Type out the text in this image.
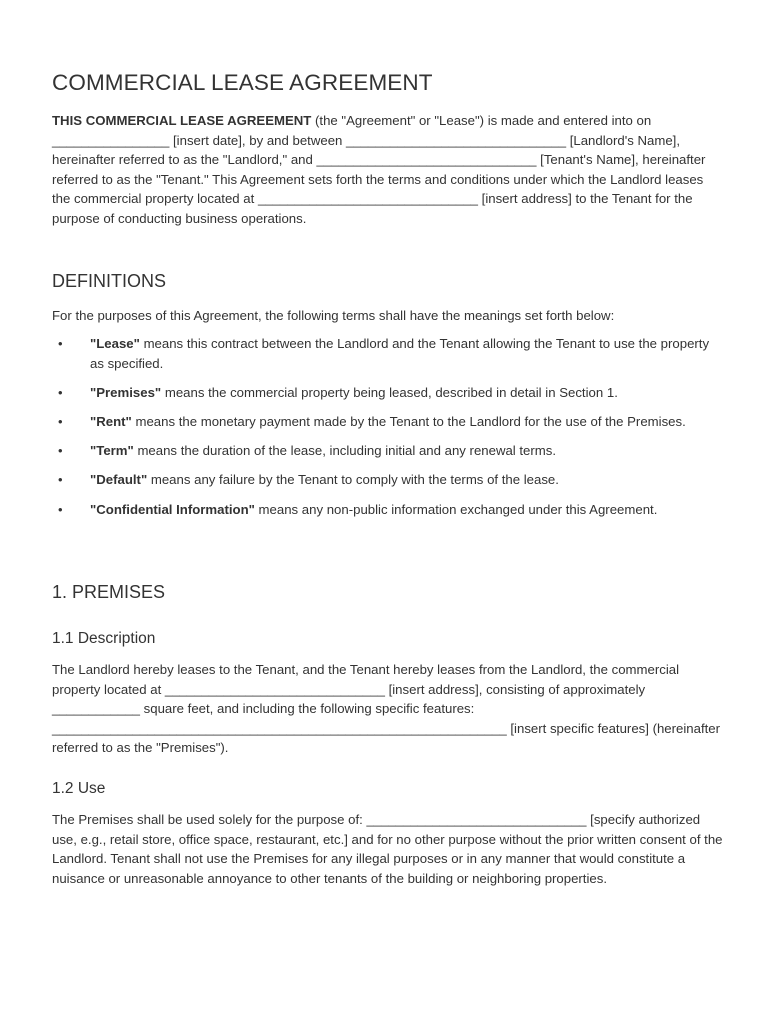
COMMERCIAL LEASE AGREEMENT

THIS COMMERCIAL LEASE AGREEMENT (the "Agreement" or "Lease") is made and entered into on ________________ [insert date], by and between ______________________________ [Landlord's Name], hereinafter referred to as the "Landlord," and ______________________________ [Tenant's Name], hereinafter referred to as the "Tenant." This Agreement sets forth the terms and conditions under which the Landlord leases the commercial property located at ______________________________ [insert address] to the Tenant for the purpose of conducting business operations.

DEFINITIONS

For the purposes of this Agreement, the following terms shall have the meanings set forth below:

• "Lease" means this contract between the Landlord and the Tenant allowing the Tenant to use the property as specified.
• "Premises" means the commercial property being leased, described in detail in Section 1.
• "Rent" means the monetary payment made by the Tenant to the Landlord for the use of the Premises.
• "Term" means the duration of the lease, including initial and any renewal terms.
• "Default" means any failure by the Tenant to comply with the terms of the lease.
• "Confidential Information" means any non-public information exchanged under this Agreement.
1. PREMISES
1.1 Description

The Landlord hereby leases to the Tenant, and the Tenant hereby leases from the Landlord, the commercial property located at ______________________________ [insert address], consisting of approximately ____________ square feet, and including the following specific features: ______________________________________________________________ [insert specific features] (hereinafter referred to as the "Premises").

1.2 Use

The Premises shall be used solely for the purpose of: ______________________________ [specify authorized use, e.g., retail store, office space, restaurant, etc.] and for no other purpose without the prior written consent of the Landlord. Tenant shall not use the Premises for any illegal purposes or in any manner that would constitute a nuisance or unreasonable annoyance to other tenants of the building or neighboring properties.
